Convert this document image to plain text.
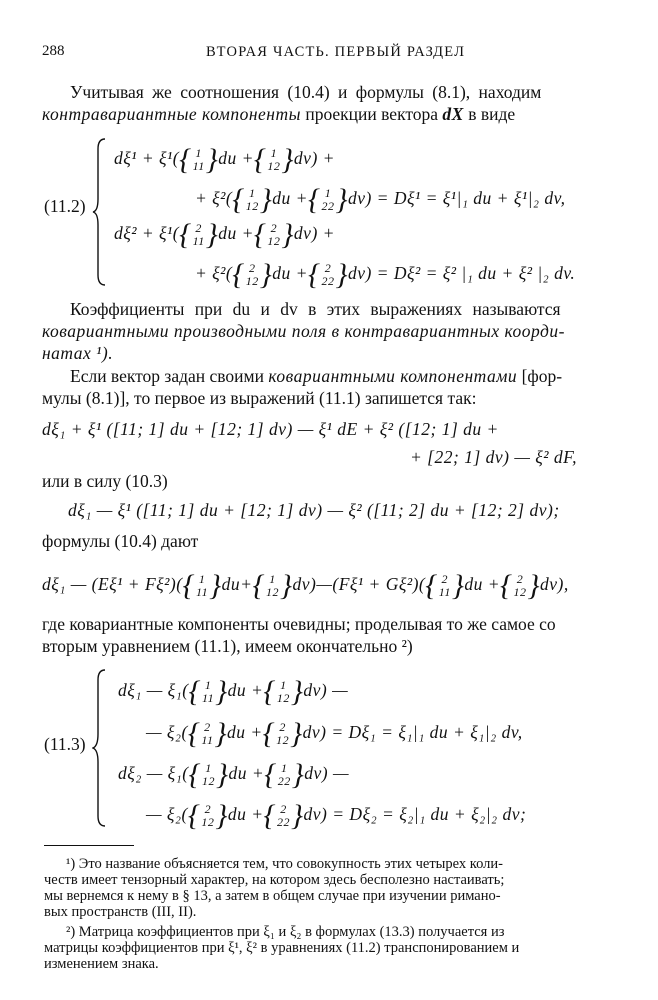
288	ВТОРАЯ ЧАСТЬ. ПЕРВЫЙ РАЗДЕЛ
Учитывая же соотношения (10.4) и формулы (8.1), находим
контравариантные компоненты проекции вектора dX в виде
(11.2)
dξ¹ + ξ¹({ 1
11 }du +{ 1
12 }dv) +
+ ξ²({ 1
12 }du +{ 1
22 }dv) = Dξ¹ = ξ¹|₁ du + ξ¹|₂ dv,
dξ² + ξ¹({ 2
11 }du +{ 2
12 }dv) +
+ ξ²({ 2
12 }du +{ 2
22 }dv) = Dξ² = ξ² |₁ du + ξ² |₂ dv.
Коэффициенты при du и dv в этих выражениях называются
ковариантными производными поля в контравариантных коорди-
натах ¹).
Если вектор задан своими ковариантными компонентами [фор-
мулы (8.1)], то первое из выражений (11.1) запишется так:
dξ₁ + ξ¹ ([11; 1] du + [12; 1] dv) — ξ¹ dE + ξ² ([12; 1] du +
+ [22; 1] dv) — ξ² dF,
или в силу (10.3)
dξ₁ — ξ¹ ([11; 1] du + [12; 1] dv) — ξ² ([11; 2] du + [12; 2] dv);
формулы (10.4) дают
dξ₁ — (Eξ¹ + Fξ²)({ 1
11 }du+{ 1
12 }dv)—(Fξ¹ + Gξ²)({ 2
11 }du +{ 2
12 }dv),
где ковариантные компоненты очевидны; проделывая то же самое со
вторым уравнением (11.1), имеем окончательно ²)
(11.3)
dξ₁ — ξ₁({ 1
11 }du +{ 1
12 }dv) —
— ξ₂({ 2
11 }du +{ 2
12 }dv) = Dξ₁ = ξ₁|₁ du + ξ₁|₂ dv,
dξ₂ — ξ₁({ 1
12 }du +{ 1
22 }dv) —
— ξ₂({ 2
12 }du +{ 2
22 }dv) = Dξ₂ = ξ₂|₁ du + ξ₂|₂ dv;
¹) Это название объясняется тем, что совокупность этих четырех коли-
честв имеет тензорный характер, на котором здесь бесполезно настаивать;
мы вернемся к нему в § 13, а затем в общем случае при изучении римано-
вых пространств (III, II).
²) Матрица коэффициентов при ξ₁ и ξ₂ в формулах (13.3) получается из
матрицы коэффициентов при ξ¹, ξ² в уравнениях (11.2) транспонированием и
изменением знака.
